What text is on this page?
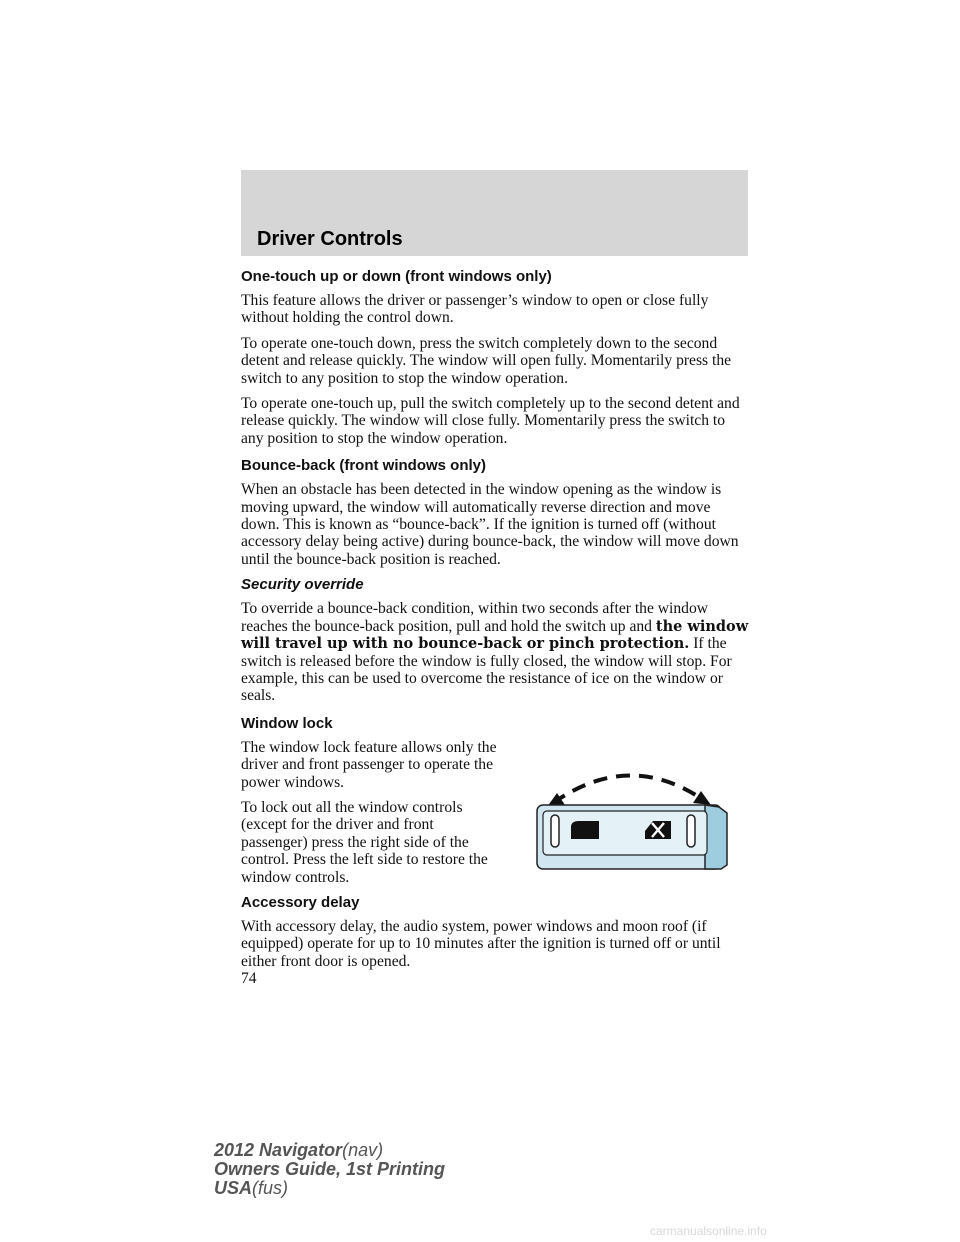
Driver Controls
One-touch up or down (front windows only)

This feature allows the driver or passenger’s window to open or close fully without holding the control down.

To operate one-touch down, press the switch completely down to the second detent and release quickly. The window will open fully. Momentarily press the switch to any position to stop the window operation.

To operate one-touch up, pull the switch completely up to the second detent and release quickly. The window will close fully. Momentarily press the switch to any position to stop the window operation.

Bounce-back (front windows only)

When an obstacle has been detected in the window opening as the window is moving upward, the window will automatically reverse direction and move down. This is known as “bounce-back”. If the ignition is turned off (without accessory delay being active) during bounce-back, the window will move down until the bounce-back position is reached.

Security override

To override a bounce-back condition, within two seconds after the window reaches the bounce-back position, pull and hold the switch up and the window will travel up with no bounce-back or pinch protection. If the switch is released before the window is fully closed, the window will stop. For example, this can be used to overcome the resistance of ice on the window or seals.

Window lock

The window lock feature allows only the driver and front passenger to operate the power windows.

To lock out all the window controls (except for the driver and front passenger) press the right side of the control. Press the left side to restore the window controls.

Accessory delay

With accessory delay, the audio system, power windows and moon roof (if equipped) operate for up to 10 minutes after the ignition is turned off or until either front door is opened.

74
2012 Navigator(nav)
Owners Guide, 1st Printing
USA(fus)
carmanualsonline.info
